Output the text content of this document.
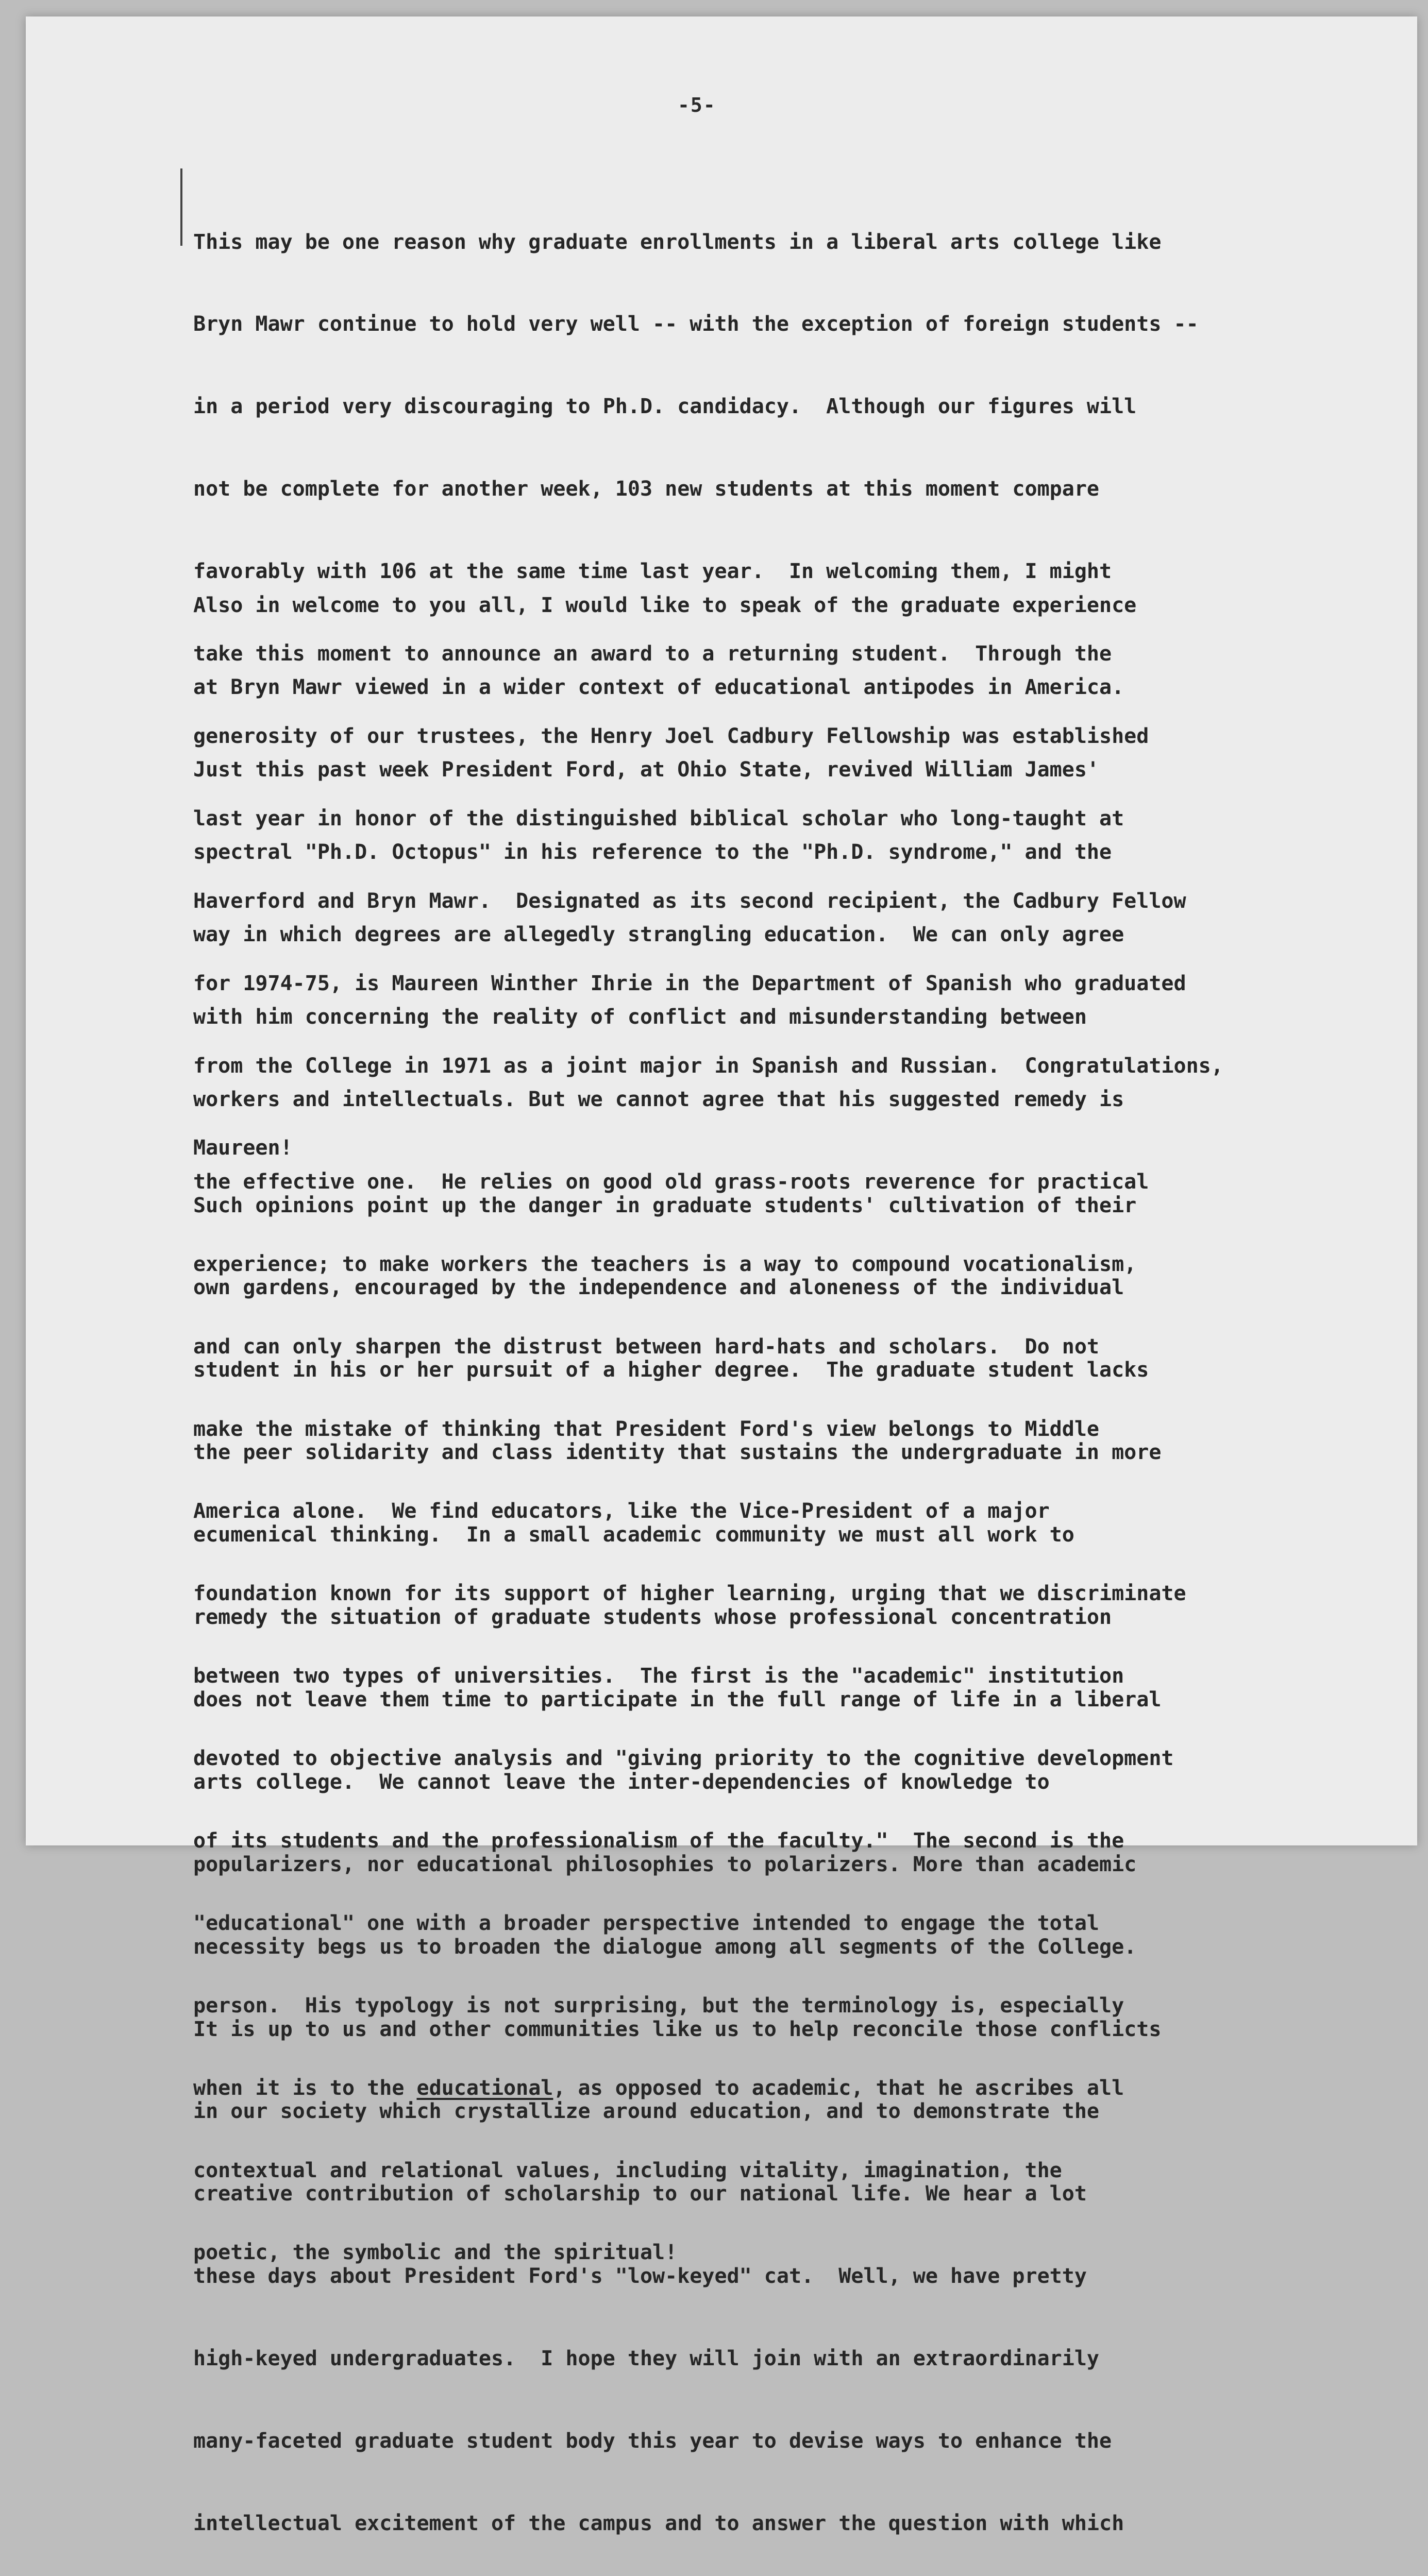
-5-

This may be one reason why graduate enrollments in a liberal arts college like

Bryn Mawr continue to hold very well -- with the exception of foreign students --

in a period very discouraging to Ph.D. candidacy.  Although our figures will

not be complete for another week, 103 new students at this moment compare

favorably with 106 at the same time last year.  In welcoming them, I might

take this moment to announce an award to a returning student.  Through the

generosity of our trustees, the Henry Joel Cadbury Fellowship was established

last year in honor of the distinguished biblical scholar who long-taught at

Haverford and Bryn Mawr.  Designated as its second recipient, the Cadbury Fellow

for 1974-75, is Maureen Winther Ihrie in the Department of Spanish who graduated

from the College in 1971 as a joint major in Spanish and Russian.  Congratulations,

Maureen!

Also in welcome to you all, I would like to speak of the graduate experience

at Bryn Mawr viewed in a wider context of educational antipodes in America.

Just this past week President Ford, at Ohio State, revived William James'

spectral "Ph.D. Octopus" in his reference to the "Ph.D. syndrome," and the

way in which degrees are allegedly strangling education.  We can only agree

with him concerning the reality of conflict and misunderstanding between

workers and intellectuals. But we cannot agree that his suggested remedy is

the effective one.  He relies on good old grass-roots reverence for practical

experience; to make workers the teachers is a way to compound vocationalism,

and can only sharpen the distrust between hard-hats and scholars.  Do not

make the mistake of thinking that President Ford's view belongs to Middle

America alone.  We find educators, like the Vice-President of a major

foundation known for its support of higher learning, urging that we discriminate

between two types of universities.  The first is the "academic" institution

devoted to objective analysis and "giving priority to the cognitive development

of its students and the professionalism of the faculty."  The second is the

"educational" one with a broader perspective intended to engage the total

person.  His typology is not surprising, but the terminology is, especially

when it is to the educational, as opposed to academic, that he ascribes all

contextual and relational values, including vitality, imagination, the

poetic, the symbolic and the spiritual!

Such opinions point up the danger in graduate students' cultivation of their

own gardens, encouraged by the independence and aloneness of the individual

student in his or her pursuit of a higher degree.  The graduate student lacks

the peer solidarity and class identity that sustains the undergraduate in more

ecumenical thinking.  In a small academic community we must all work to

remedy the situation of graduate students whose professional concentration

does not leave them time to participate in the full range of life in a liberal

arts college.  We cannot leave the inter-dependencies of knowledge to

popularizers, nor educational philosophies to polarizers. More than academic

necessity begs us to broaden the dialogue among all segments of the College.

It is up to us and other communities like us to help reconcile those conflicts

in our society which crystallize around education, and to demonstrate the

creative contribution of scholarship to our national life. We hear a lot

these days about President Ford's "low-keyed" cat.  Well, we have pretty

high-keyed undergraduates.  I hope they will join with an extraordinarily

many-faceted graduate student body this year to devise ways to enhance the

intellectual excitement of the campus and to answer the question with which
